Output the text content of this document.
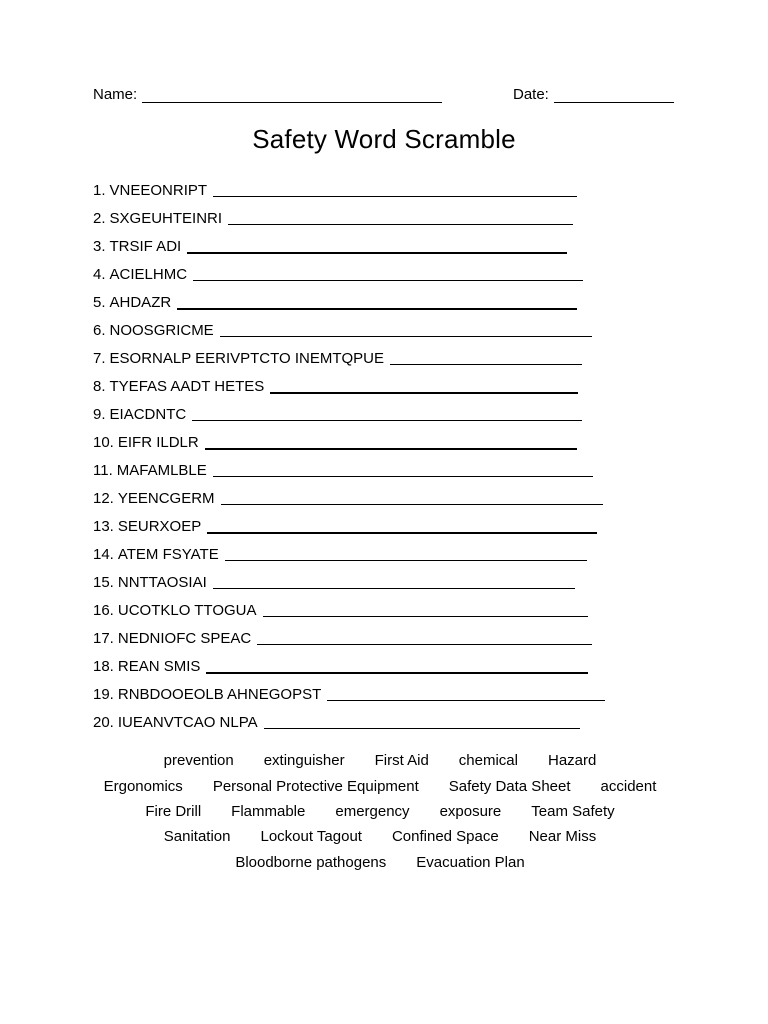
Name:	Date:
Safety Word Scramble
1. VNEEONRIPT
2. SXGEUHTEINRI
3. TRSIF ADI
4. ACIELHMC
5. AHDAZR
6. NOOSGRICME
7. ESORNALP EERIVPTCTO INEMTQPUE
8. TYEFAS AADT HETES
9. EIACDNTC
10. EIFR ILDLR
11. MAFAMLBLE
12. YEENCGERM
13. SEURXOEP
14. ATEM FSYATE
15. NNTTAOSIAI
16. UCOTKLO TTOGUA
17. NEDNIOFC SPEAC
18. REAN SMIS
19. RNBDOOEOLB AHNEGOPST
20. IUEANVTCAO NLPA
prevention extinguisher First Aid chemical Hazard
Ergonomics Personal Protective Equipment Safety Data Sheet accident
Fire Drill Flammable emergency exposure Team Safety
Sanitation Lockout Tagout Confined Space Near Miss
Bloodborne pathogens Evacuation Plan
